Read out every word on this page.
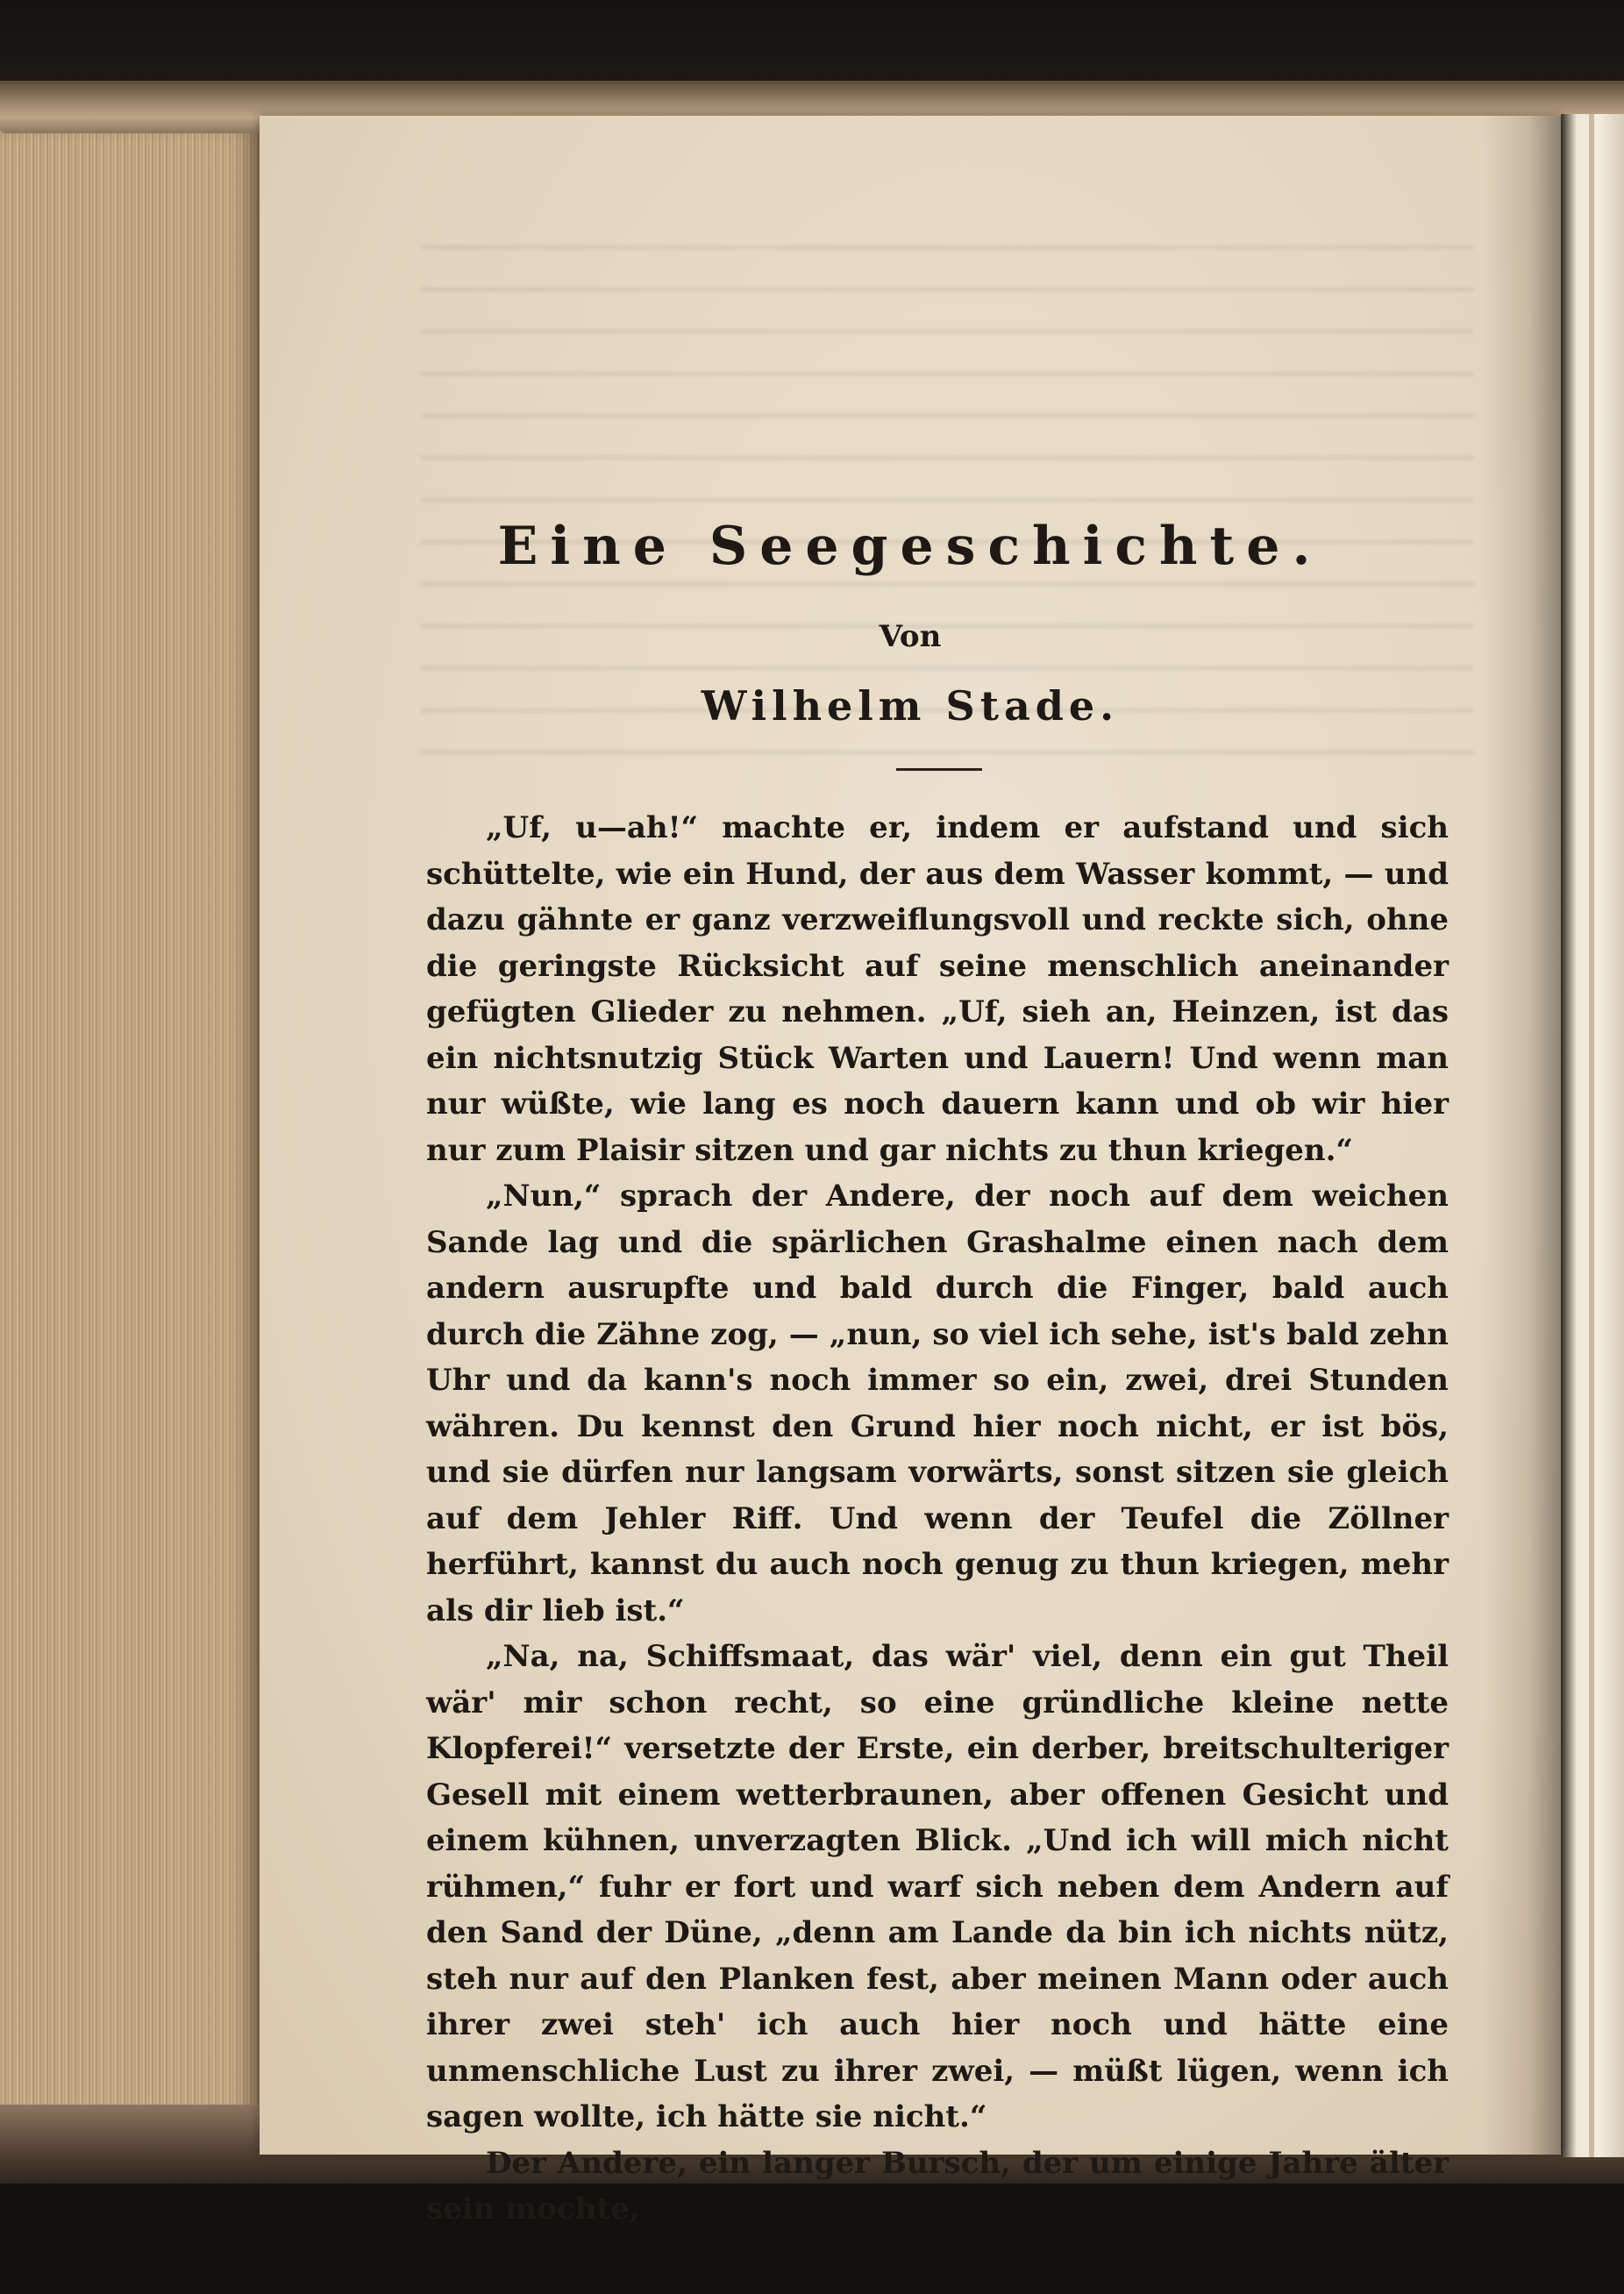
Eine Seegeschichte.
Von
Wilhelm Stade.

„Uf, u—ah!“ machte er, indem er aufstand und sich schüttelte, wie ein Hund, der aus dem Wasser kommt, — und dazu gähnte er ganz verzweiflungsvoll und reckte sich, ohne die geringste Rücksicht auf seine menschlich aneinander gefügten Glieder zu nehmen. „Uf, sieh an, Heinzen, ist das ein nichtsnutzig Stück Warten und Lauern! Und wenn man nur wüßte, wie lang es noch dauern kann und ob wir hier nur zum Plaisir sitzen und gar nichts zu thun kriegen.“

„Nun,“ sprach der Andere, der noch auf dem weichen Sande lag und die spärlichen Grashalme einen nach dem andern ausrupfte und bald durch die Finger, bald auch durch die Zähne zog, — „nun, so viel ich sehe, ist's bald zehn Uhr und da kann's noch immer so ein, zwei, drei Stunden währen. Du kennst den Grund hier noch nicht, er ist bös, und sie dürfen nur langsam vorwärts, sonst sitzen sie gleich auf dem Jehler Riff. Und wenn der Teufel die Zöllner herführt, kannst du auch noch genug zu thun kriegen, mehr als dir lieb ist.“

„Na, na, Schiffsmaat, das wär' viel, denn ein gut Theil wär' mir schon recht, so eine gründliche kleine nette Klopferei!“ versetzte der Erste, ein derber, breitschulteriger Gesell mit einem wetterbraunen, aber offenen Gesicht und einem kühnen, unverzagten Blick. „Und ich will mich nicht rühmen,“ fuhr er fort und warf sich neben dem Andern auf den Sand der Düne, „denn am Lande da bin ich nichts nütz, steh nur auf den Planken fest, aber meinen Mann oder auch ihrer zwei steh' ich auch hier noch und hätte eine unmenschliche Lust zu ihrer zwei, — müßt lügen, wenn ich sagen wollte, ich hätte sie nicht.“

Der Andere, ein langer Bursch, der um einige Jahre älter sein mochte,
